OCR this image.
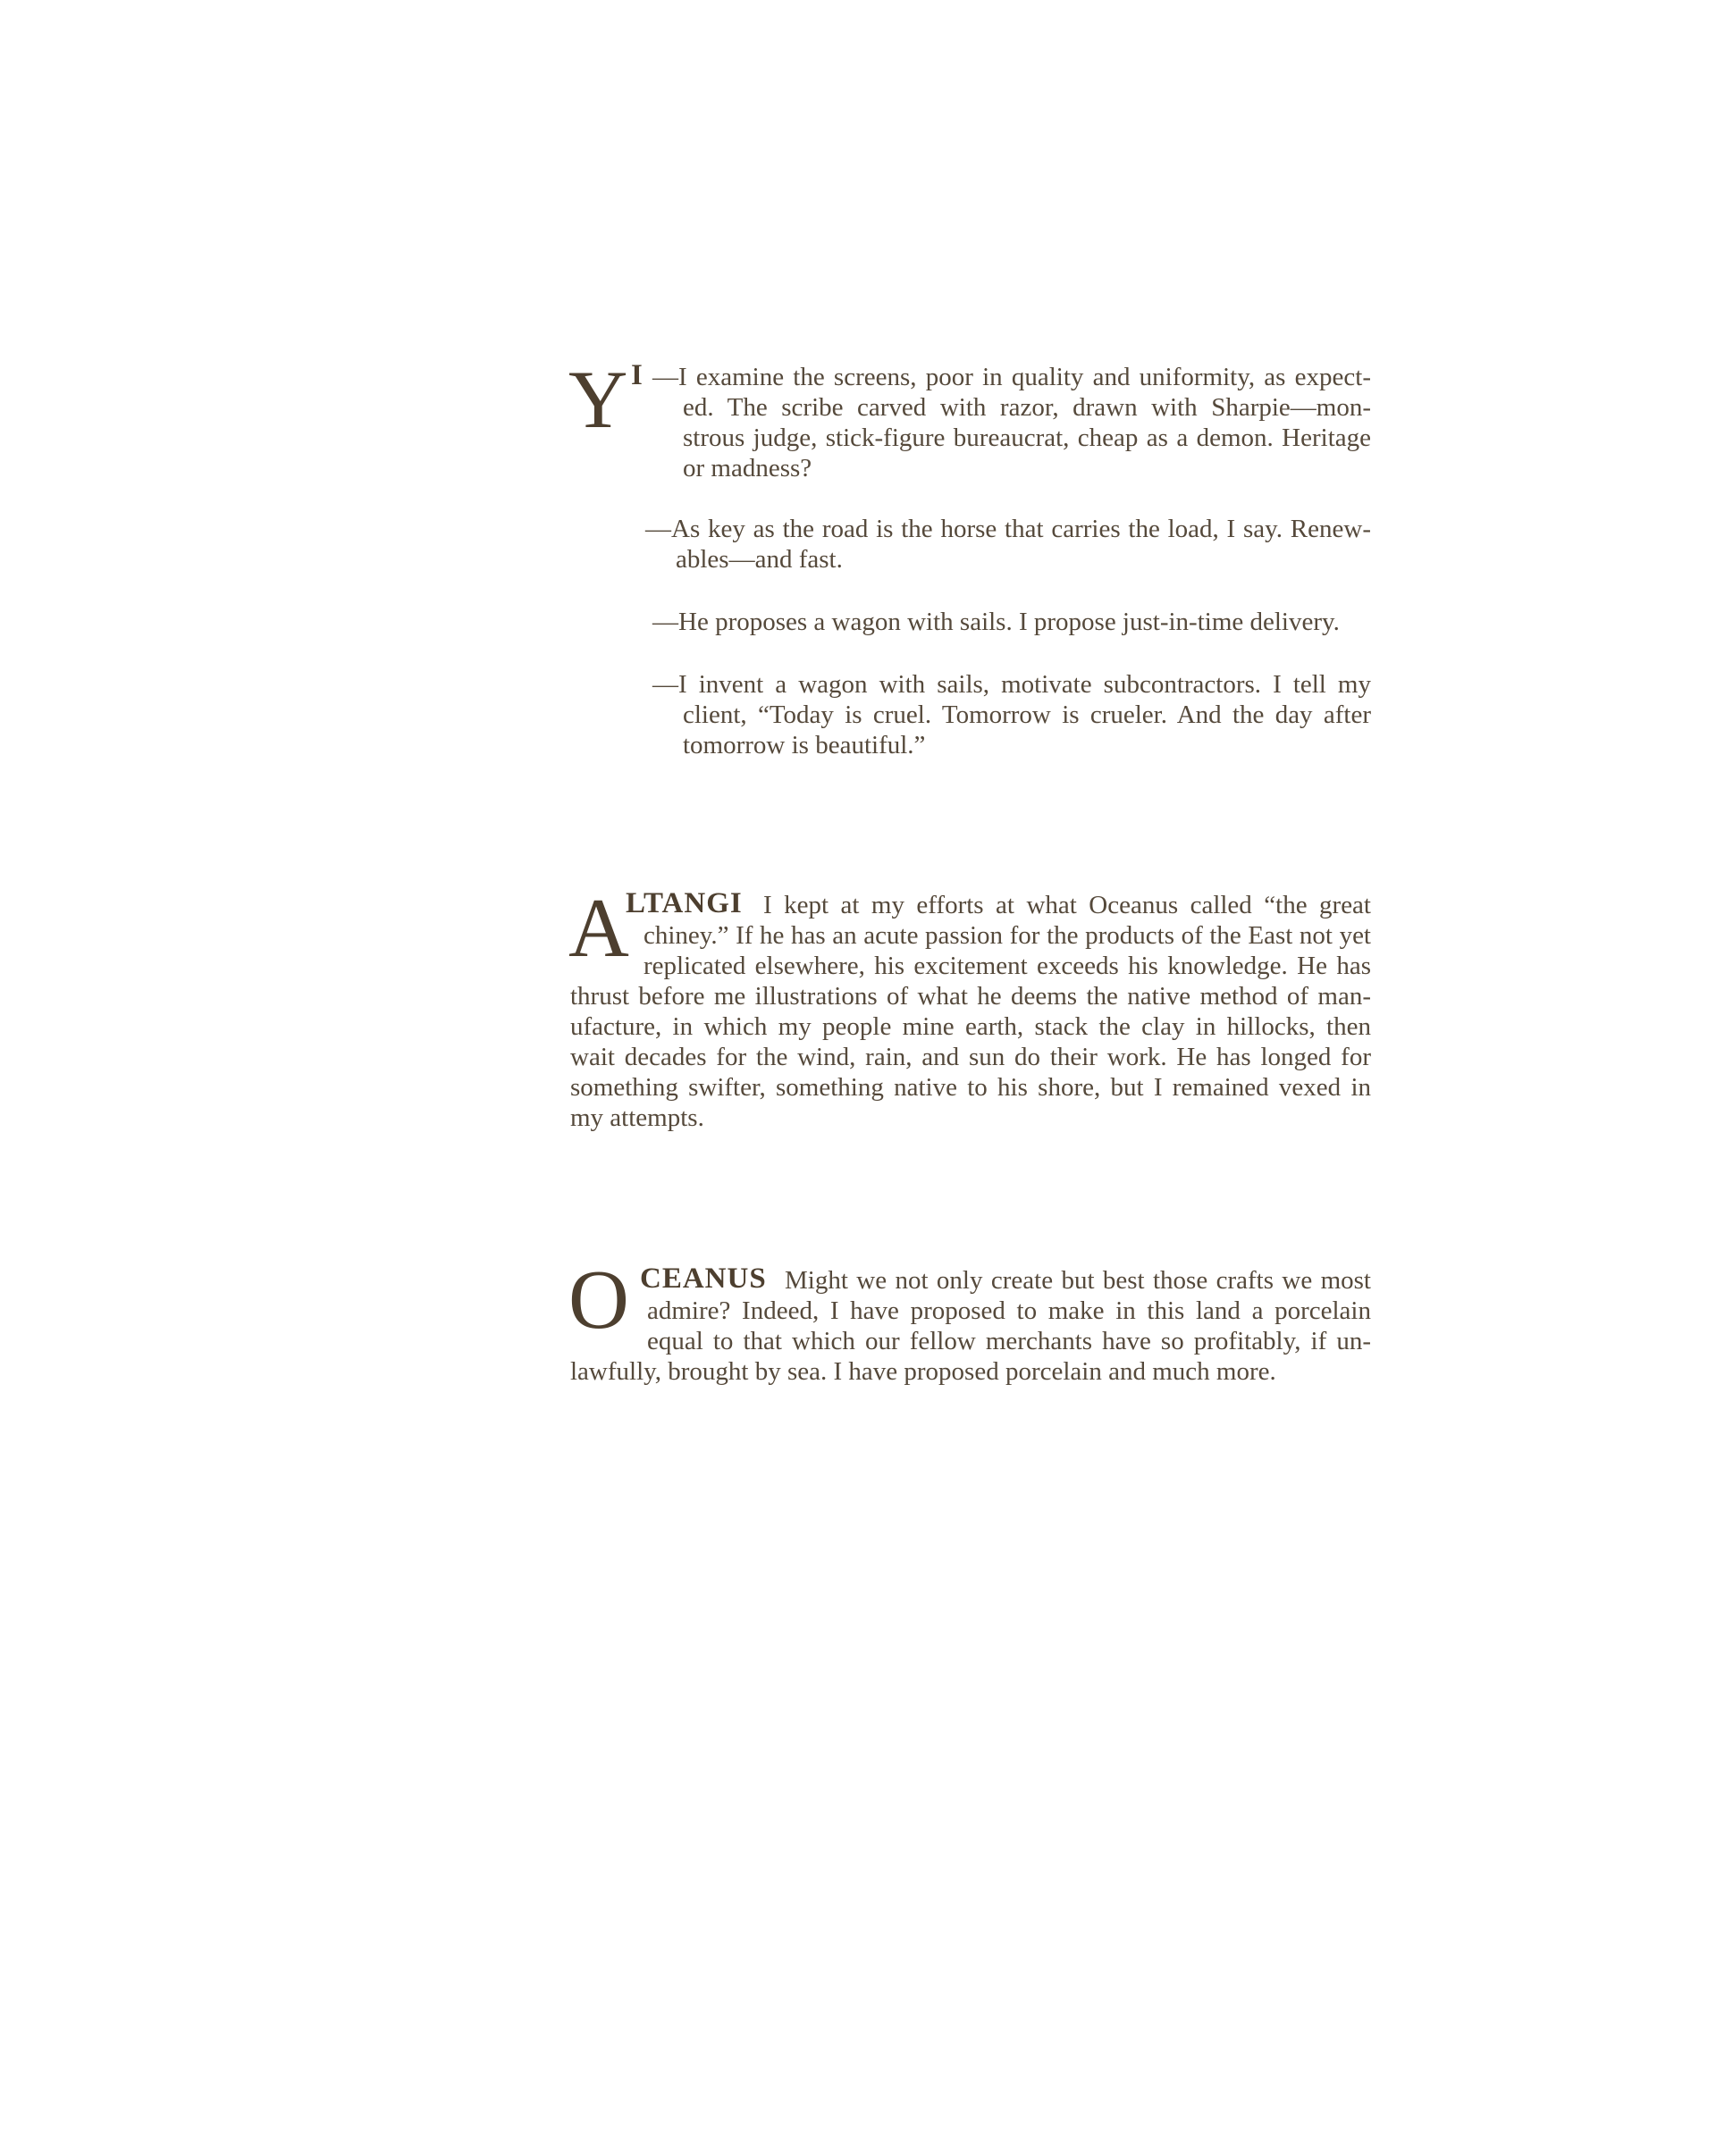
Y I —I examine the screens, poor in quality and uniformity, as expect-
ed. The scribe carved with razor, drawn with Sharpie—mon-
strous judge, stick-figure bureaucrat, cheap as a demon. Heritage
or madness?
—As key as the road is the horse that carries the load, I say. Renew-
ables—and fast.
—He proposes a wagon with sails. I propose just-in-time delivery.
—I invent a wagon with sails, motivate subcontractors. I tell my
client, “Today is cruel. Tomorrow is crueler. And the day after
tomorrow is beautiful.”
A
LTANGI I kept at my efforts at what Oceanus called “the great
chiney.” If he has an acute passion for the products of the East not yet
replicated elsewhere, his excitement exceeds his knowledge. He has
thrust before me illustrations of what he deems the native method of man-
ufacture, in which my people mine earth, stack the clay in hillocks, then
wait decades for the wind, rain, and sun do their work. He has longed for
something swifter, something native to his shore, but I remained vexed in
my attempts.
O CEANUS Might we not only create but best those crafts we most
admire? Indeed, I have proposed to make in this land a porcelain
equal to that which our fellow merchants have so profitably, if un-
lawfully, brought by sea. I have proposed porcelain and much more.
